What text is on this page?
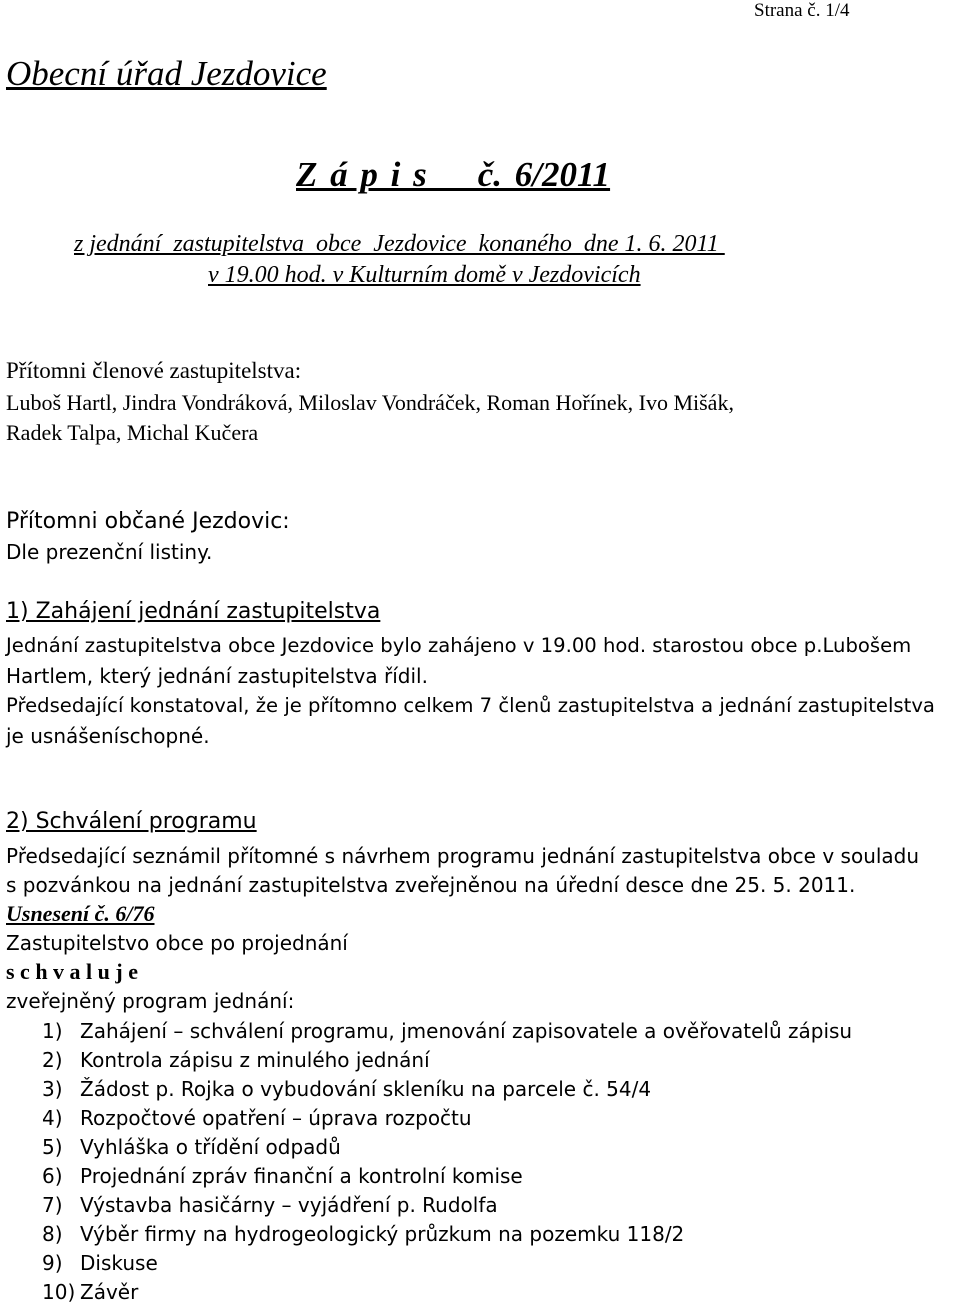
Strana č. 1/4
Obecní úřad Jezdovice
Z á p i s    č. 6/2011
z jednání  zastupitelstva  obce  Jezdovice  konaného  dne 1. 6. 2011
v 19.00 hod. v Kulturním domě v Jezdovicích
Přítomni členové zastupitelstva:
Luboš Hartl, Jindra Vondráková, Miloslav Vondráček, Roman Hořínek, Ivo Mišák,
Radek Talpa, Michal Kučera
Přítomni občané Jezdovic:
Dle prezenční listiny.
1) Zahájení jednání zastupitelstva
Jednání zastupitelstva obce Jezdovice bylo zahájeno v 19.00 hod. starostou obce p.Lubošem
Hartlem, který jednání zastupitelstva řídil.
Předsedající konstatoval, že je přítomno celkem 7 členů zastupitelstva a jednání zastupitelstva
je usnášeníschopné.
2) Schválení programu
Předsedající seznámil přítomné s návrhem programu jednání zastupitelstva obce v souladu
s pozvánkou na jednání zastupitelstva zveřejněnou na úřední desce dne 25. 5. 2011.
Usnesení č. 6/76
Zastupitelstvo obce po projednání
s c h v a l u j e
zveřejněný program jednání:
1) Zahájení – schválení programu, jmenování zapisovatele a ověřovatelů zápisu
2) Kontrola zápisu z minulého jednání
3) Žádost p. Rojka o vybudování skleníku na parcele č. 54/4
4) Rozpočtové opatření – úprava rozpočtu
5) Vyhláška o třídění odpadů
6) Projednání zpráv finanční a kontrolní komise
7) Výstavba hasičárny – vyjádření p. Rudolfa
8) Výběr firmy na hydrogeologický průzkum na pozemku 118/2
9) Diskuse
10) Závěr
